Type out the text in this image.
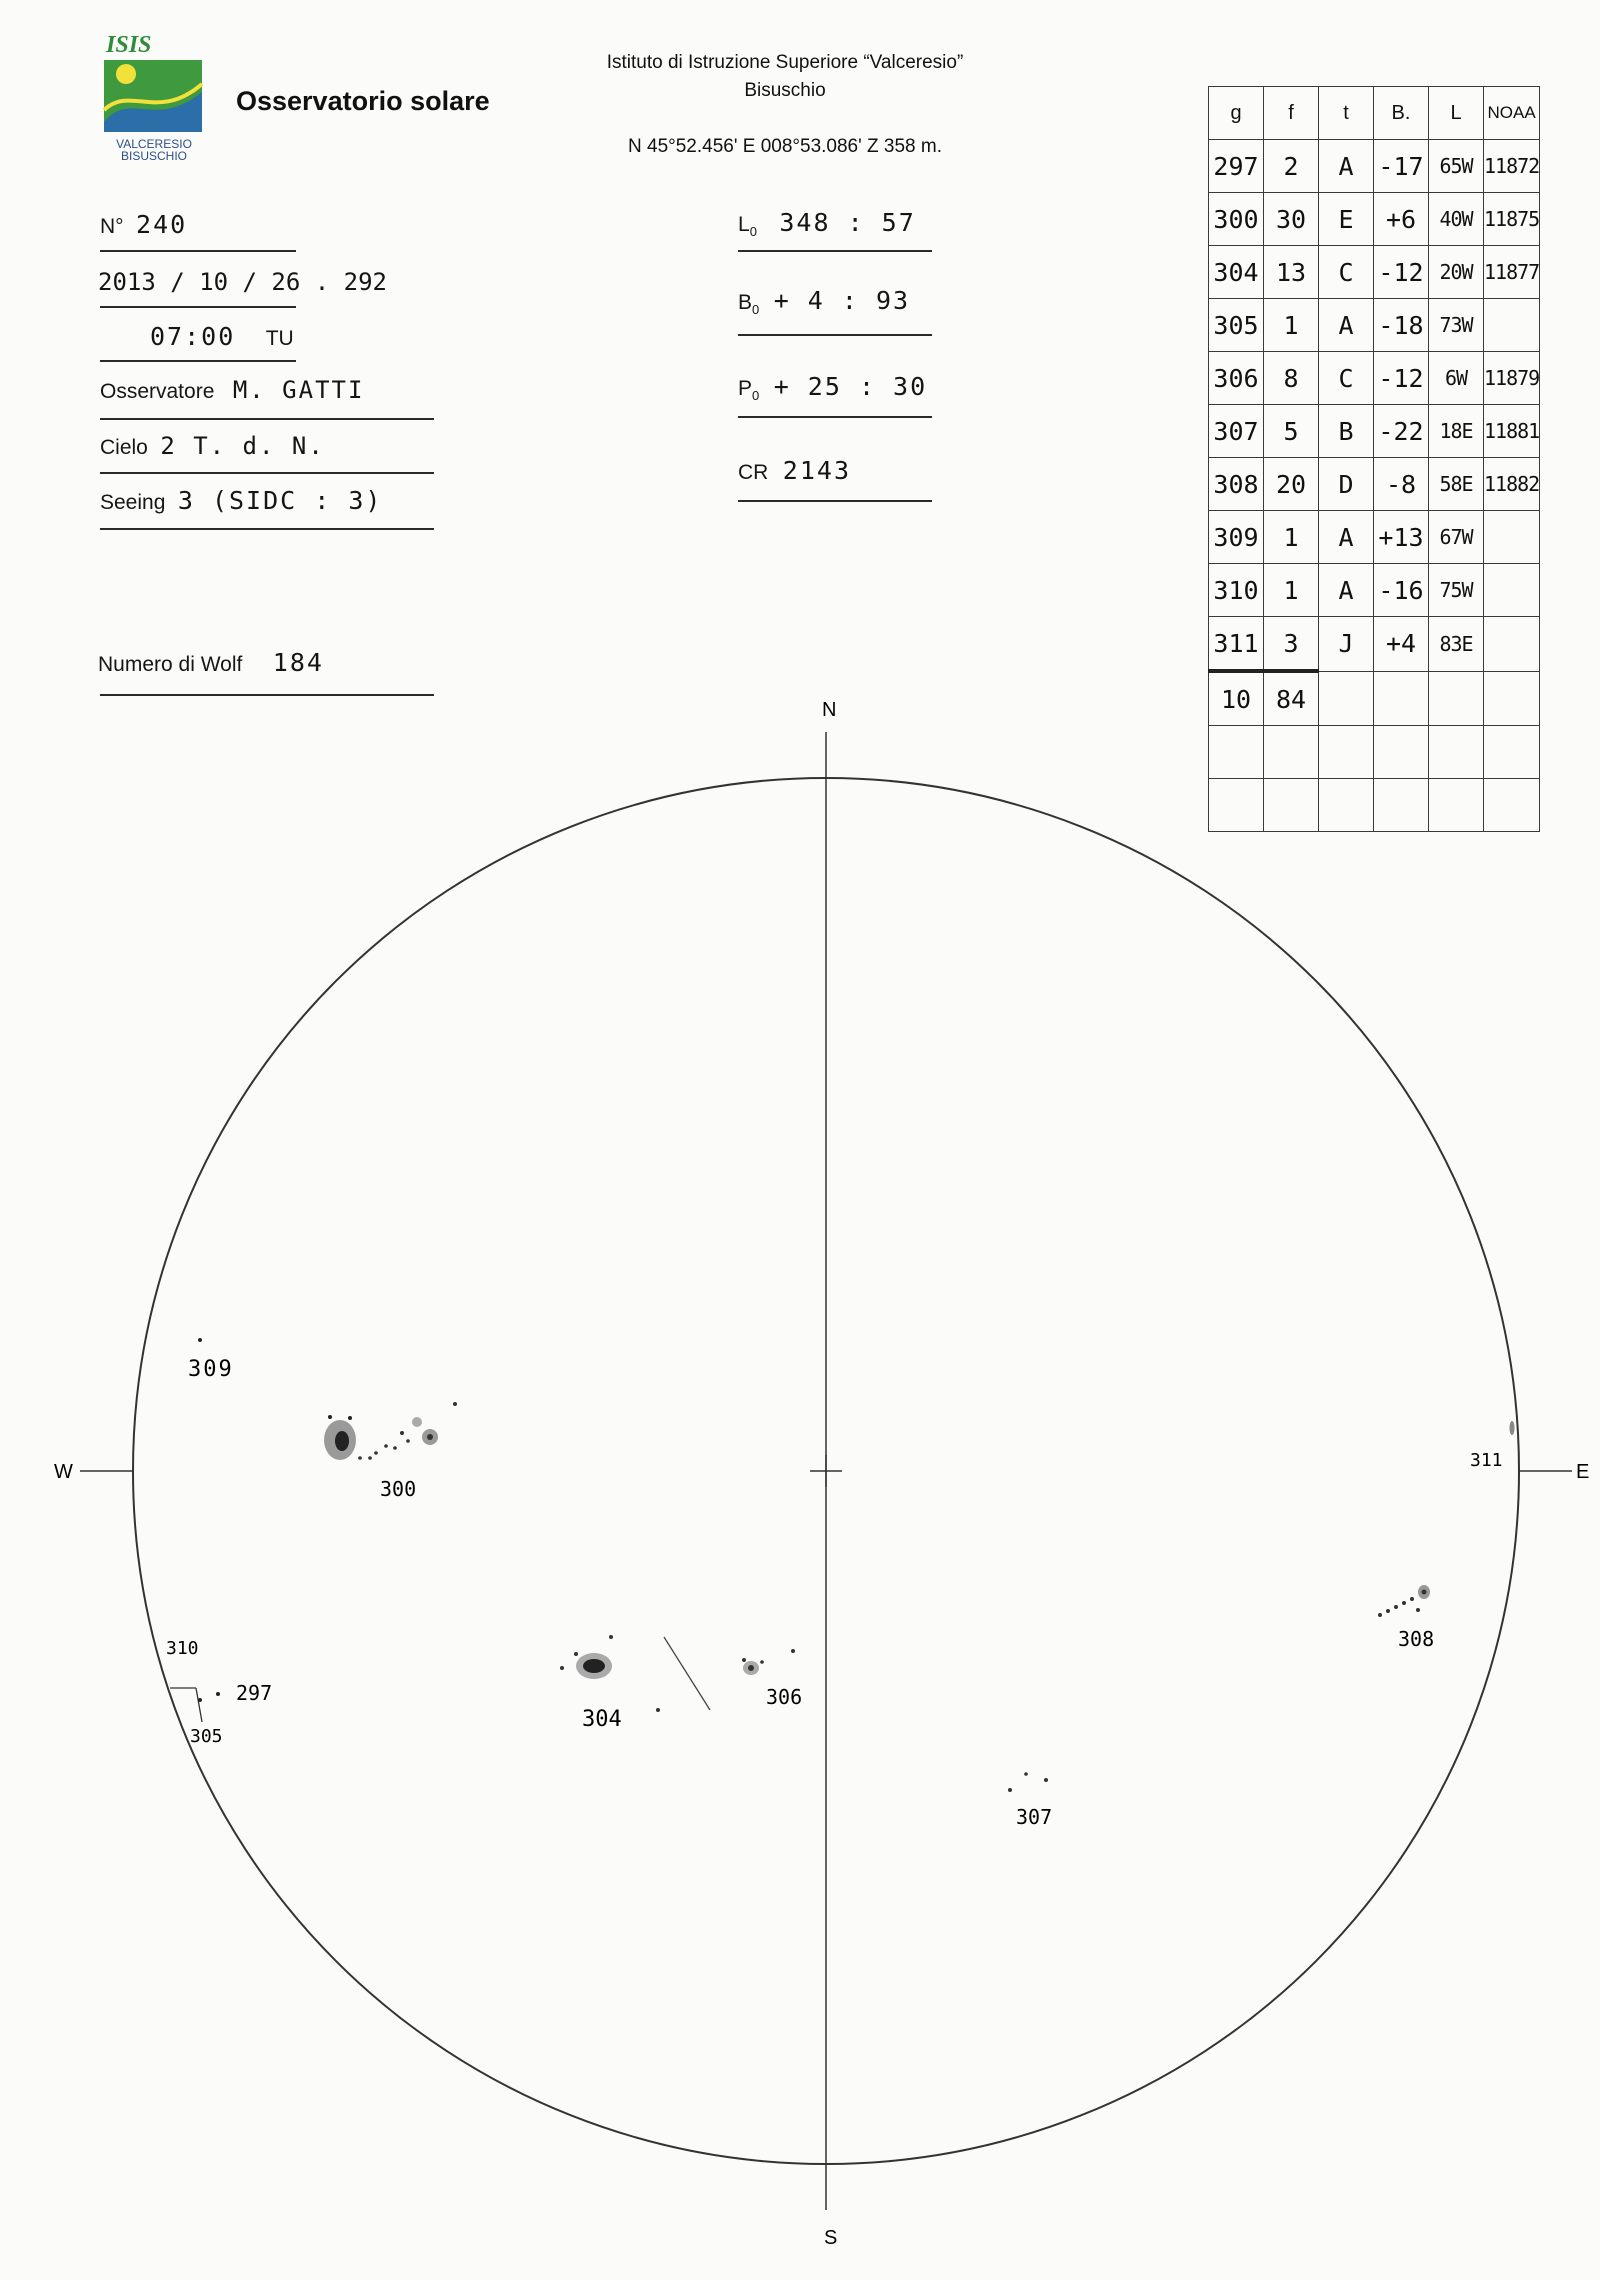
ISIS
VALCERESIO
BISUSCHIO
Osservatorio solare
Istituto di Istruzione Superiore “Valceresio”
Bisuschio
N 45°52.456' E 008°53.086' Z 358 m.
N° 240
2013 / 10 / 26 . 292
07:00 TU
Osservatore M. GATTI
Cielo 2 T. d. N.
Seeing 3 (SIDC : 3)
Numero di Wolf 184
$L_0$ 348 : 57
$B_0 + 4$ : 93
$P_0 + 25$ : 30
CR 2143
g	f	t	B.	L	NOAA
297	2	A	-17	65W	11872
300	30	E	+6	40W	11875
304	13	C	-12	20W	11877
305	1	A	-18	73W	
306	8	C	-12	6W	11879
307	5	B	-22	18E	11881
308	20	D	-8	58E	11882
309	1	A	+13	67W	
310	1	A	-16	75W	
311	3	J	+4	83E	
10	84				

N
S
W	E
309
300
310
297
305
304
306
307
308
311
